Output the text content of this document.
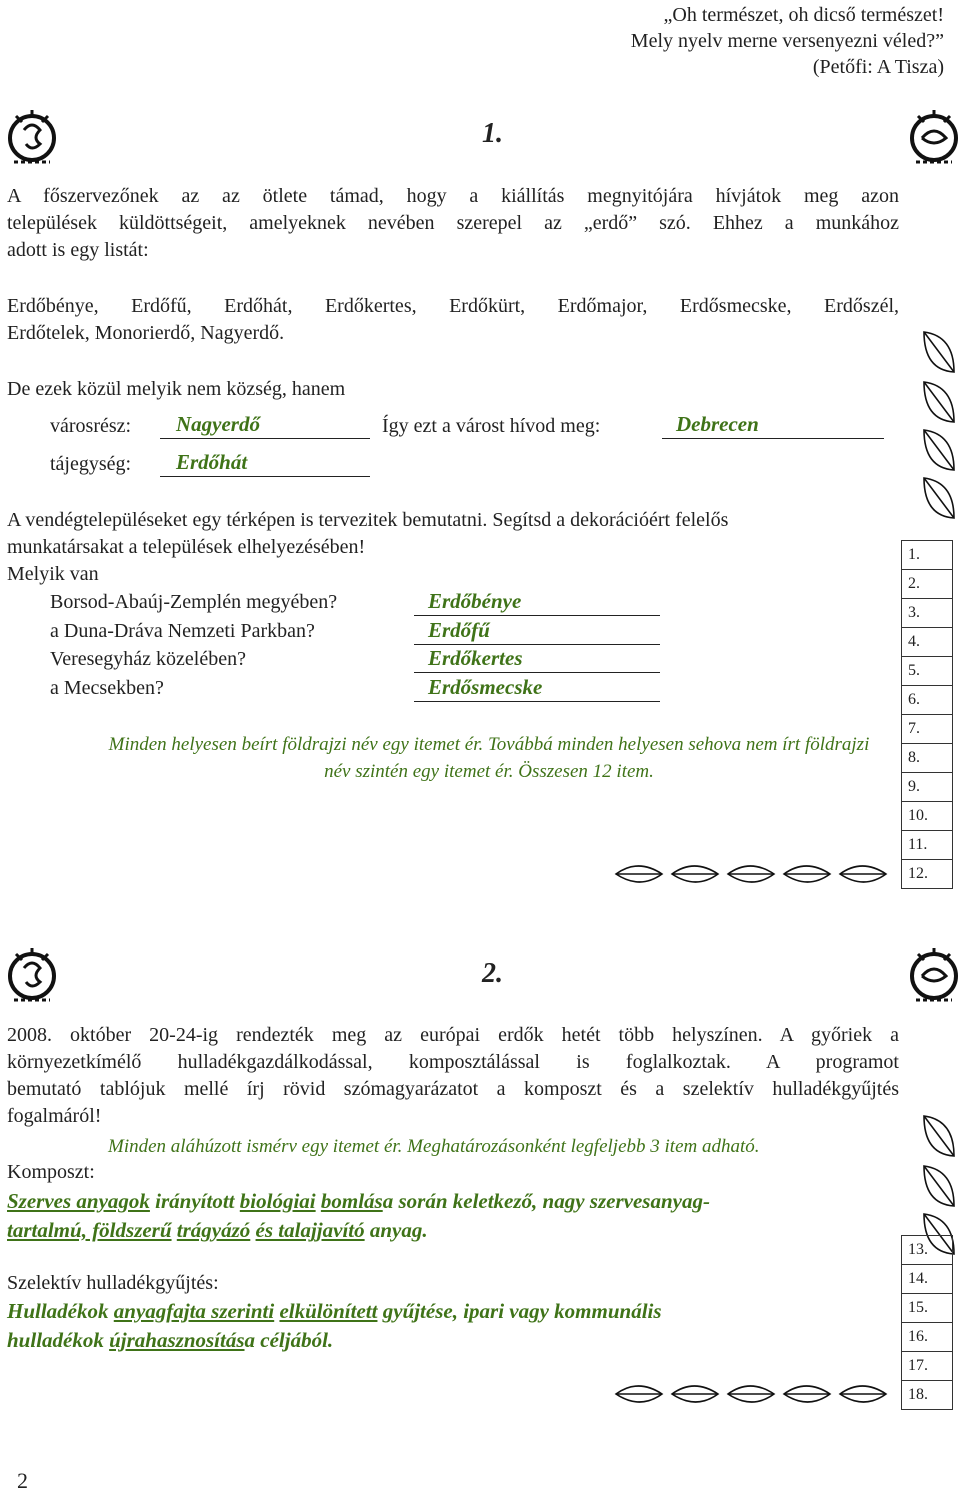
„Oh természet, oh dicső természet!
Mely nyelv merne versenyezni véled?”
(Petőfi: A Tisza)
1.
A főszervezőnek az az ötlete támad, hogy a kiállítás megnyitójára hívjátok meg azon
települések küldöttségeit, amelyeknek nevében szerepel az „erdő” szó. Ehhez a munkához
adott is egy listát:
Erdőbénye, Erdőfű, Erdőhát, Erdőkertes, Erdőkürt, Erdőmajor, Erdősmecske, Erdőszél,
Erdőtelek, Monorierdő, Nagyerdő.
De ezek közül melyik nem község, hanem
városrész: Nagyerdő	Így ezt a várost hívod meg:	Debrecen
tájegység: Erdőhát
A vendégtelepüléseket egy térképen is tervezitek bemutatni. Segítsd a dekorációért felelős
munkatársakat a települések elhelyezésében!
Melyik van
Borsod-Abaúj-Zemplén megyében?	Erdőbénye
a Duna-Dráva Nemzeti Parkban?	Erdőfű
Veresegyház közelében?	Erdőkertes
a Mecsekben?	Erdősmecske
Minden helyesen beírt földrajzi név egy itemet ér. Továbbá minden helyesen sehova nem írt földrajzi
név szintén egy itemet ér. Összesen 12 item.
1.
2.
3.
4.
5.
6.
7.
8.
9.
10.
11.
12.
2.
2008. október 20-24-ig rendezték meg az európai erdők hetét több helyszínen. A győriek a
környezetkímélő hulladékgazdálkodással, komposztálással is foglalkoztak. A programot
bemutató tablójuk mellé írj rövid szómagyarázatot a komposzt és a szelektív hulladékgyűjtés
fogalmáról!
Minden aláhúzott ismérv egy itemet ér. Meghatározásonként legfeljebb 3 item adható.
Komposzt:
Szerves anyagok irányított biológiai bomlása során keletkező, nagy szervesanyag-
tartalmú, földszerű trágyázó és talajjavító anyag.
Szelektív hulladékgyűjtés:
Hulladékok anyagfajta szerinti elkülönített gyűjtése, ipari vagy kommunális
hulladékok újrahasznosítása céljából.
13.
14.
15.
16.
17.
18.
2
